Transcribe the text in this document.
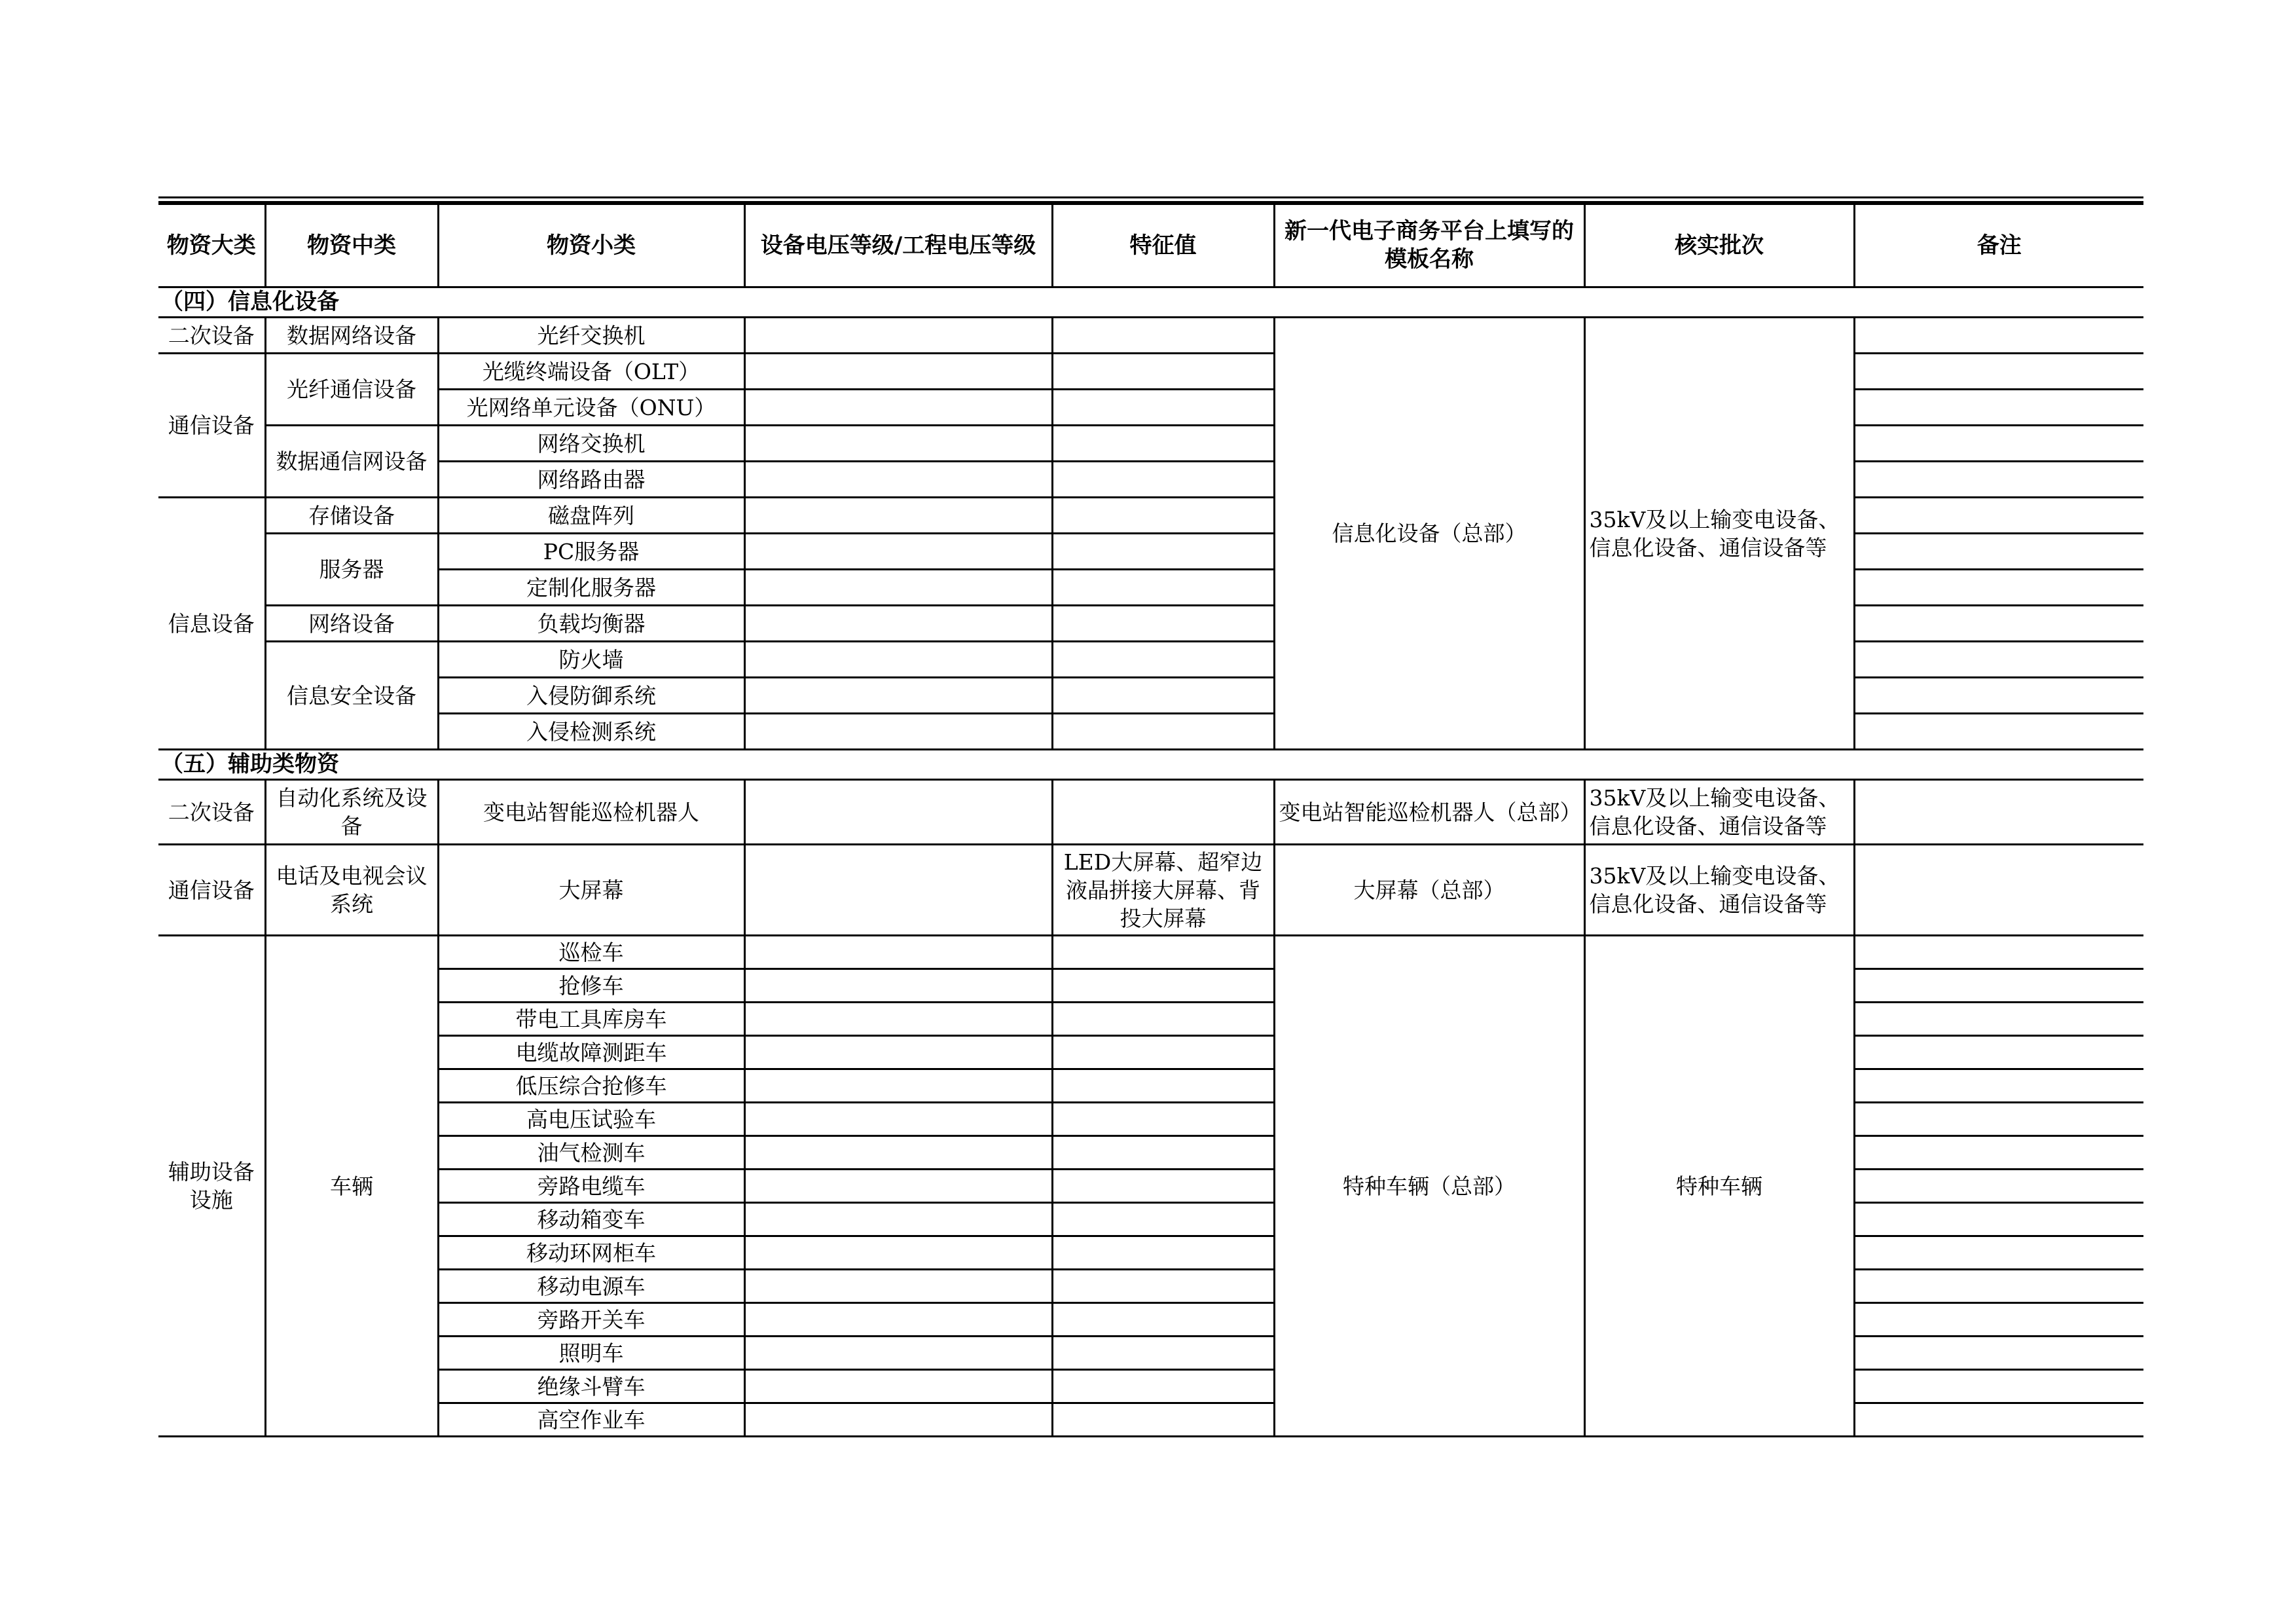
物资大类	物资中类	物资小类	设备电压等级/工程电压等级	特征值	新一代电子商务平台上填写的模板名称	核实批次	备注
（四）信息化设备							
二次设备	数据网络设备	光纤交换机			信息化设备（总部）	35kV及以上输变电设备、信息化设备、通信设备等	
通信设备	光纤通信设备	光缆终端设备（OLT）					
		光网络单元设备（ONU）					
	数据通信网设备	网络交换机					
		网络路由器					
信息设备	存储设备	磁盘阵列					
	服务器	PC服务器					
		定制化服务器					
	网络设备	负载均衡器					
	信息安全设备	防火墙					
		入侵防御系统					
		入侵检测系统					
（五）辅助类物资							
二次设备	自动化系统及设备	变电站智能巡检机器人			变电站智能巡检机器人（总部）	35kV及以上输变电设备、信息化设备、通信设备等	
通信设备	电话及电视会议系统	大屏幕		LED大屏幕、超窄边液晶拼接大屏幕、背投大屏幕	大屏幕（总部）	35kV及以上输变电设备、信息化设备、通信设备等	
辅助设备设施	车辆	巡检车			特种车辆（总部）	特种车辆	
		抢修车					
		带电工具库房车					
		电缆故障测距车					
		低压综合抢修车					
		高电压试验车					
		油气检测车					
		旁路电缆车					
		移动箱变车					
		移动环网柜车					
		移动电源车					
		旁路开关车					
		照明车					
		绝缘斗臂车					
		高空作业车					
